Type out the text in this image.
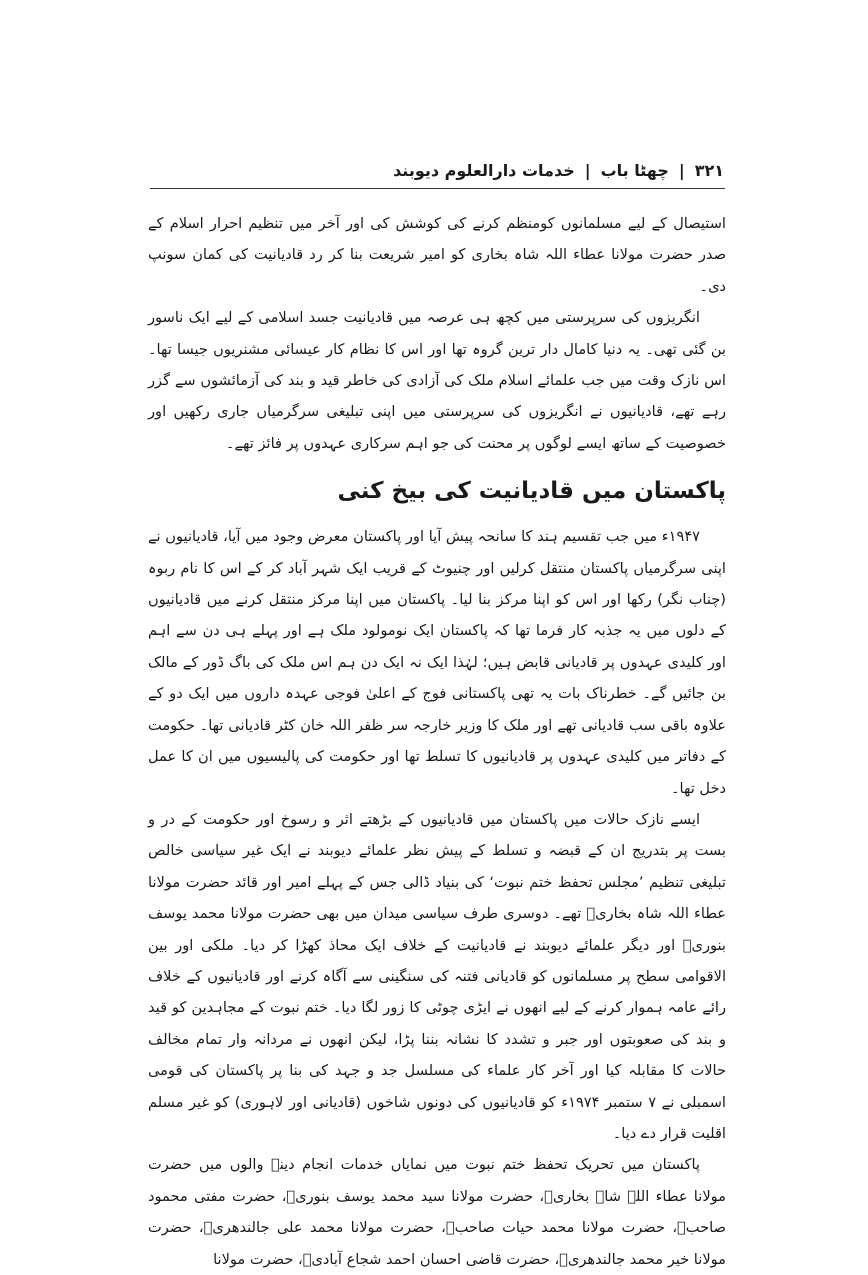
۳۲۱
|
چھٹا باب
|
خدمات دارالعلوم دیوبند

استیصال کے لیے مسلمانوں کومنظم کرنے کی کوشش کی اور آخر میں تنظیم احرار اسلام کے صدر حضرت مولانا عطاء اللہ شاہ بخاری کو امیر شریعت بنا کر رد قادیانیت کی کمان سونپ دی۔

انگریزوں کی سرپرستی میں کچھ ہی عرصہ میں قادیانیت جسد اسلامی کے لیے ایک ناسور بن گئی تھی۔ یہ دنیا کامال دار ترین گروہ تھا اور اس کا نظام کار عیسائی مشنریوں جیسا تھا۔ اس نازک وقت میں جب علمائے اسلام ملک کی آزادی کی خاطر قید و بند کی آزمائشوں سے گزر رہے تھے، قادیانیوں نے انگریزوں کی سرپرستی میں اپنی تبلیغی سرگرمیاں جاری رکھیں اور خصوصیت کے ساتھ ایسے لوگوں پر محنت کی جو اہم سرکاری عہدوں پر فائز تھے۔

پاکستان میں قادیانیت کی بیخ کنی

۱۹۴۷ء میں جب تقسیم ہند کا سانحہ پیش آیا اور پاکستان معرض وجود میں آیا، قادیانیوں نے اپنی سرگرمیاں پاکستان منتقل کرلیں اور چنیوٹ کے قریب ایک شہر آباد کر کے اس کا نام ربوہ (چناب نگر) رکھا اور اس کو اپنا مرکز بنا لیا۔ پاکستان میں اپنا مرکز منتقل کرنے میں قادیانیوں کے دلوں میں یہ جذبہ کار فرما تھا کہ پاکستان ایک نومولود ملک ہے اور پہلے ہی دن سے اہم اور کلیدی عہدوں پر قادیانی قابض ہیں؛ لہٰذا ایک نہ ایک دن ہم اس ملک کی باگ ڈور کے مالک بن جائیں گے۔ خطرناک بات یہ تھی پاکستانی فوج کے اعلیٰ فوجی عہدہ داروں میں ایک دو کے علاوہ باقی سب قادیانی تھے اور ملک کا وزیر خارجہ سر ظفر اللہ خان کٹر قادیانی تھا۔ حکومت کے دفاتر میں کلیدی عہدوں پر قادیانیوں کا تسلط تھا اور حکومت کی پالیسیوں میں ان کا عمل دخل تھا۔

ایسے نازک حالات میں پاکستان میں قادیانیوں کے بڑھتے اثر و رسوخ اور حکومت کے در و بست پر بتدریج ان کے قبضہ و تسلط کے پیش نظر علمائے دیوبند نے ایک غیر سیاسی خالص تبلیغی تنظیم ’مجلس تحفظ ختم نبوت‘ کی بنیاد ڈالی جس کے پہلے امیر اور قائد حضرت مولانا عطاء اللہ شاہ بخاریؒ تھے۔ دوسری طرف سیاسی میدان میں بھی حضرت مولانا محمد یوسف بنوریؒ اور دیگر علمائے دیوبند نے قادیانیت کے خلاف ایک محاذ کھڑا کر دیا۔ ملکی اور بین الاقوامی سطح پر مسلمانوں کو قادیانی فتنہ کی سنگینی سے آگاہ کرنے اور قادیانیوں کے خلاف رائے عامہ ہموار کرنے کے لیے انھوں نے ایڑی چوٹی کا زور لگا دیا۔ ختم نبوت کے مجاہدین کو قید و بند کی صعوبتوں اور جبر و تشدد کا نشانہ بننا پڑا، لیکن انھوں نے مردانہ وار تمام مخالف حالات کا مقابلہ کیا اور آخر کار علماء کی مسلسل جد و جہد کی بنا پر پاکستان کی قومی اسمبلی نے ۷ ستمبر ۱۹۷۴ء کو قادیانیوں کی دونوں شاخوں (قادیانی اور لاہوری) کو غیر مسلم اقلیت قرار دے دیا۔

پاکستان میں تحریک تحفظ ختم نبوت میں نمایاں خدمات انجام دینے والوں میں حضرت مولانا عطاء اللہ شاہ بخاریؒ، حضرت مولانا سید محمد یوسف بنوریؒ، حضرت مفتی محمود صاحبؒ، حضرت مولانا محمد حیات صاحبؒ، حضرت مولانا محمد علی جالندھریؒ، حضرت مولانا خیر محمد جالندھریؒ، حضرت قاضی احسان احمد شجاع آبادیؒ، حضرت مولانا
